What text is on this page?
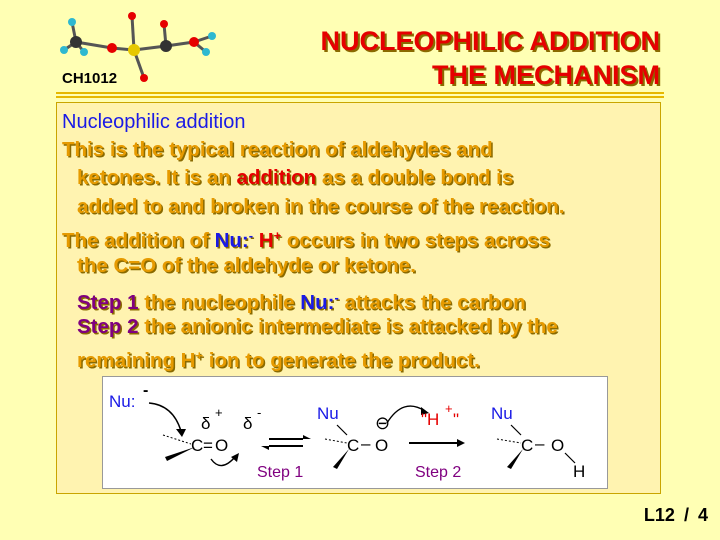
CH1012
NUCLEOPHILIC ADDITION
THE MECHANISM
Nucleophilic addition
This is the typical reaction of aldehydes and
ketones. It is an addition as a double bond is
added to and broken in the course of the reaction.
The addition of Nu:- H+ occurs in two steps across
the C=O of the aldehyde or ketone.
Step 1 the nucleophile Nu:- attacks the carbon
Step 2 the anionic intermediate is attacked by the
remaining H+ ion to generate the product.
Nu:
-
δ
+
δ
-
C = O
Step 1
Nu
C – O
⊖ "H
+
"
Step 2
Nu
C – O
H
L12 / 4
